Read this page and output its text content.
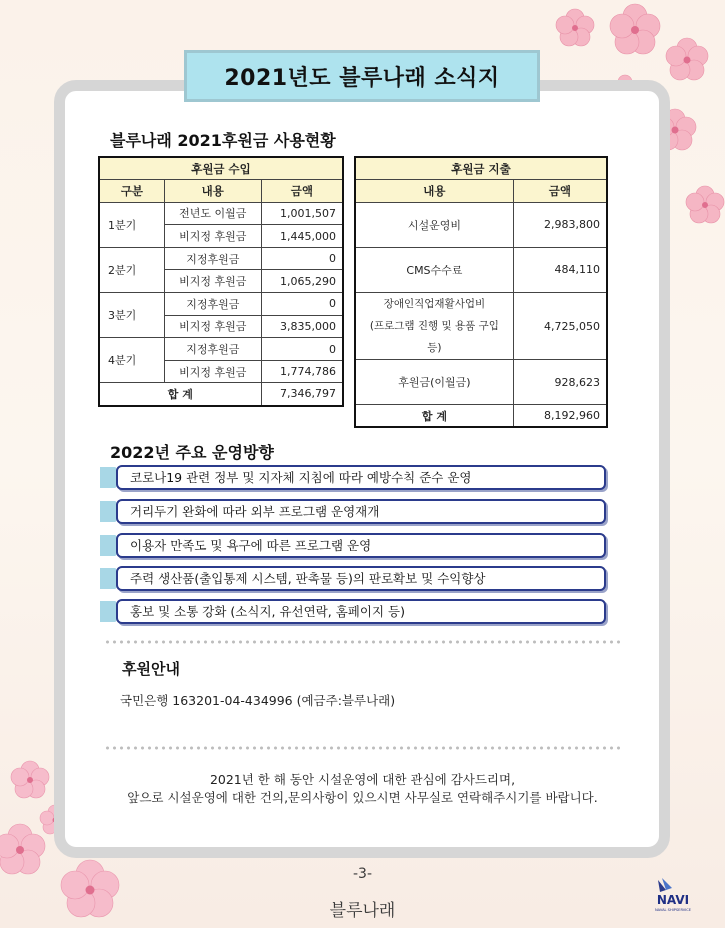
2021년도 블루나래 소식지
블루나래 2021후원금 사용현황
후원금 수입		
구분	내용	금액
1분기	전년도 이월금	1,001,507
	비지정 후원금	1,445,000
2분기	지정후원금	0
	비지정 후원금	1,065,290
3분기	지정후원금	0
	비지정 후원금	3,835,000
4분기	지정후원금	0
	비지정 후원금	1,774,786
합 계		7,346,797
후원금 지출	
내용	금액
시설운영비	2,983,800
CMS수수료	484,110

장애인직업재활사업비
(프로그램 진행 및 용품 구입 등)	4,725,050
후원금(이월금)	928,623
합 계	8,192,960
2022년 주요 운영방향
코로나19 관련 정부 및 지자체 지침에 따라 예방수칙 준수 운영
거리두기 완화에 따라 외부 프로그램 운영재개
이용자 만족도 및 욕구에 따른 프로그램 운영
주력 생산품(출입통제 시스템, 판촉물 등)의 판로확보 및 수익향상
홍보 및 소통 강화 (소식지, 유선연락, 홈페이지 등)
후원안내
국민은행 163201-04-434996 (예금주:블루나래)
2021년 한 해 동안 시설운영에 대한 관심에 감사드리며,
앞으로 시설운영에 대한 건의,문의사항이 있으시면 사무실로 연락해주시기를 바랍니다.
-3-
블루나래
NAVI
NAVAL SHIPSERVICE
